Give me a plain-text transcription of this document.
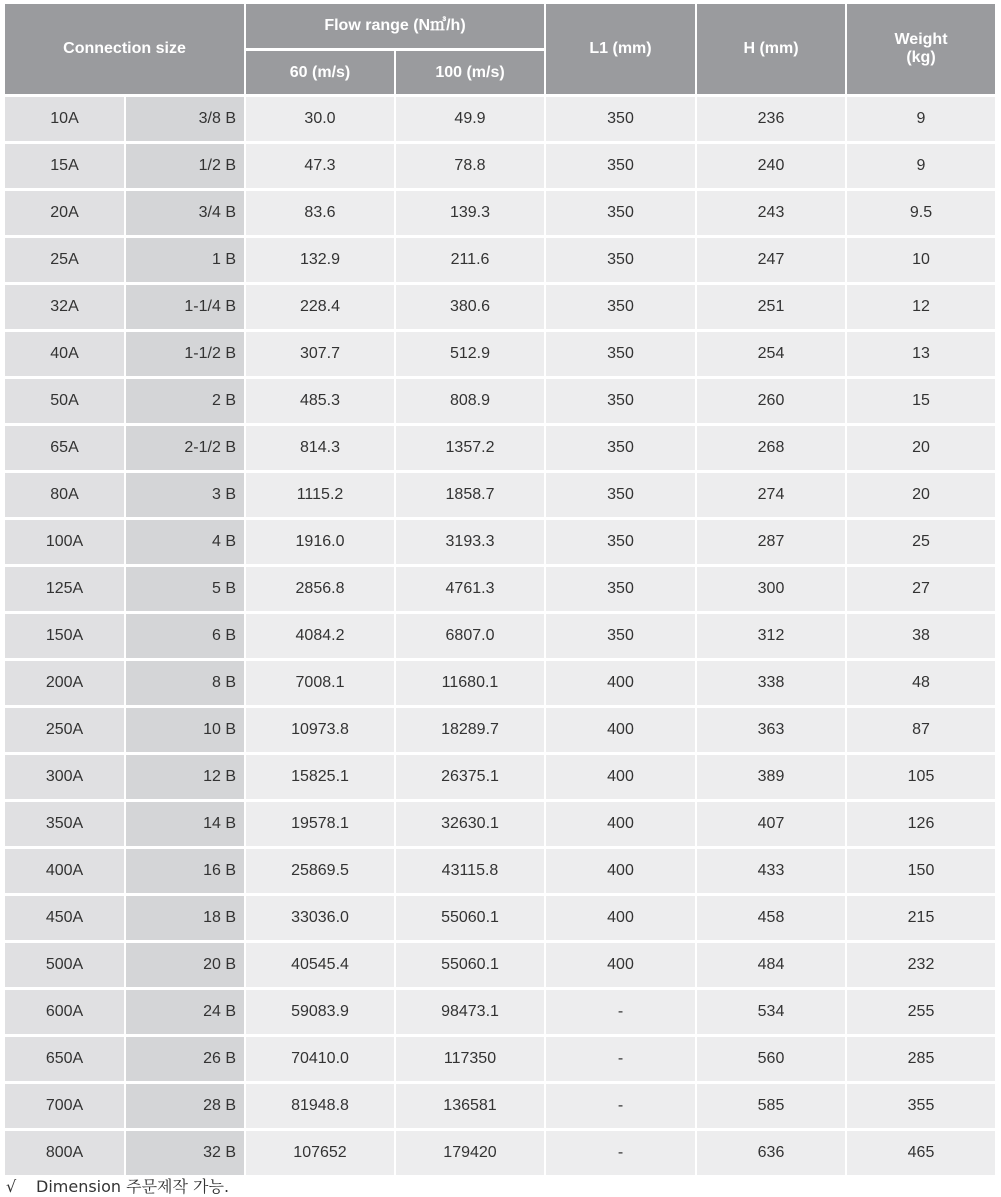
Connection size		Flow range (N㎥/h)		L1 (mm)	H (mm)	Weight
(kg)
		60 (m/s)	100 (m/s)			
10A	3/8 B	30.0	49.9	350	236	9
15A	1/2 B	47.3	78.8	350	240	9
20A	3/4 B	83.6	139.3	350	243	9.5
25A	1 B	132.9	211.6	350	247	10
32A	1-1/4 B	228.4	380.6	350	251	12
40A	1-1/2 B	307.7	512.9	350	254	13
50A	2 B	485.3	808.9	350	260	15
65A	2-1/2 B	814.3	1357.2	350	268	20
80A	3 B	1115.2	1858.7	350	274	20
100A	4 B	1916.0	3193.3	350	287	25
125A	5 B	2856.8	4761.3	350	300	27
150A	6 B	4084.2	6807.0	350	312	38
200A	8 B	7008.1	11680.1	400	338	48
250A	10 B	10973.8	18289.7	400	363	87
300A	12 B	15825.1	26375.1	400	389	105
350A	14 B	19578.1	32630.1	400	407	126
400A	16 B	25869.5	43115.8	400	433	150
450A	18 B	33036.0	55060.1	400	458	215
500A	20 B	40545.4	55060.1	400	484	232
600A	24 B	59083.9	98473.1	-	534	255
650A	26 B	70410.0	117350	-	560	285
700A	28 B	81948.8	136581	-	585	355
800A	32 B	107652	179420	-	636	465
√ Dimension 주문제작 가능.
